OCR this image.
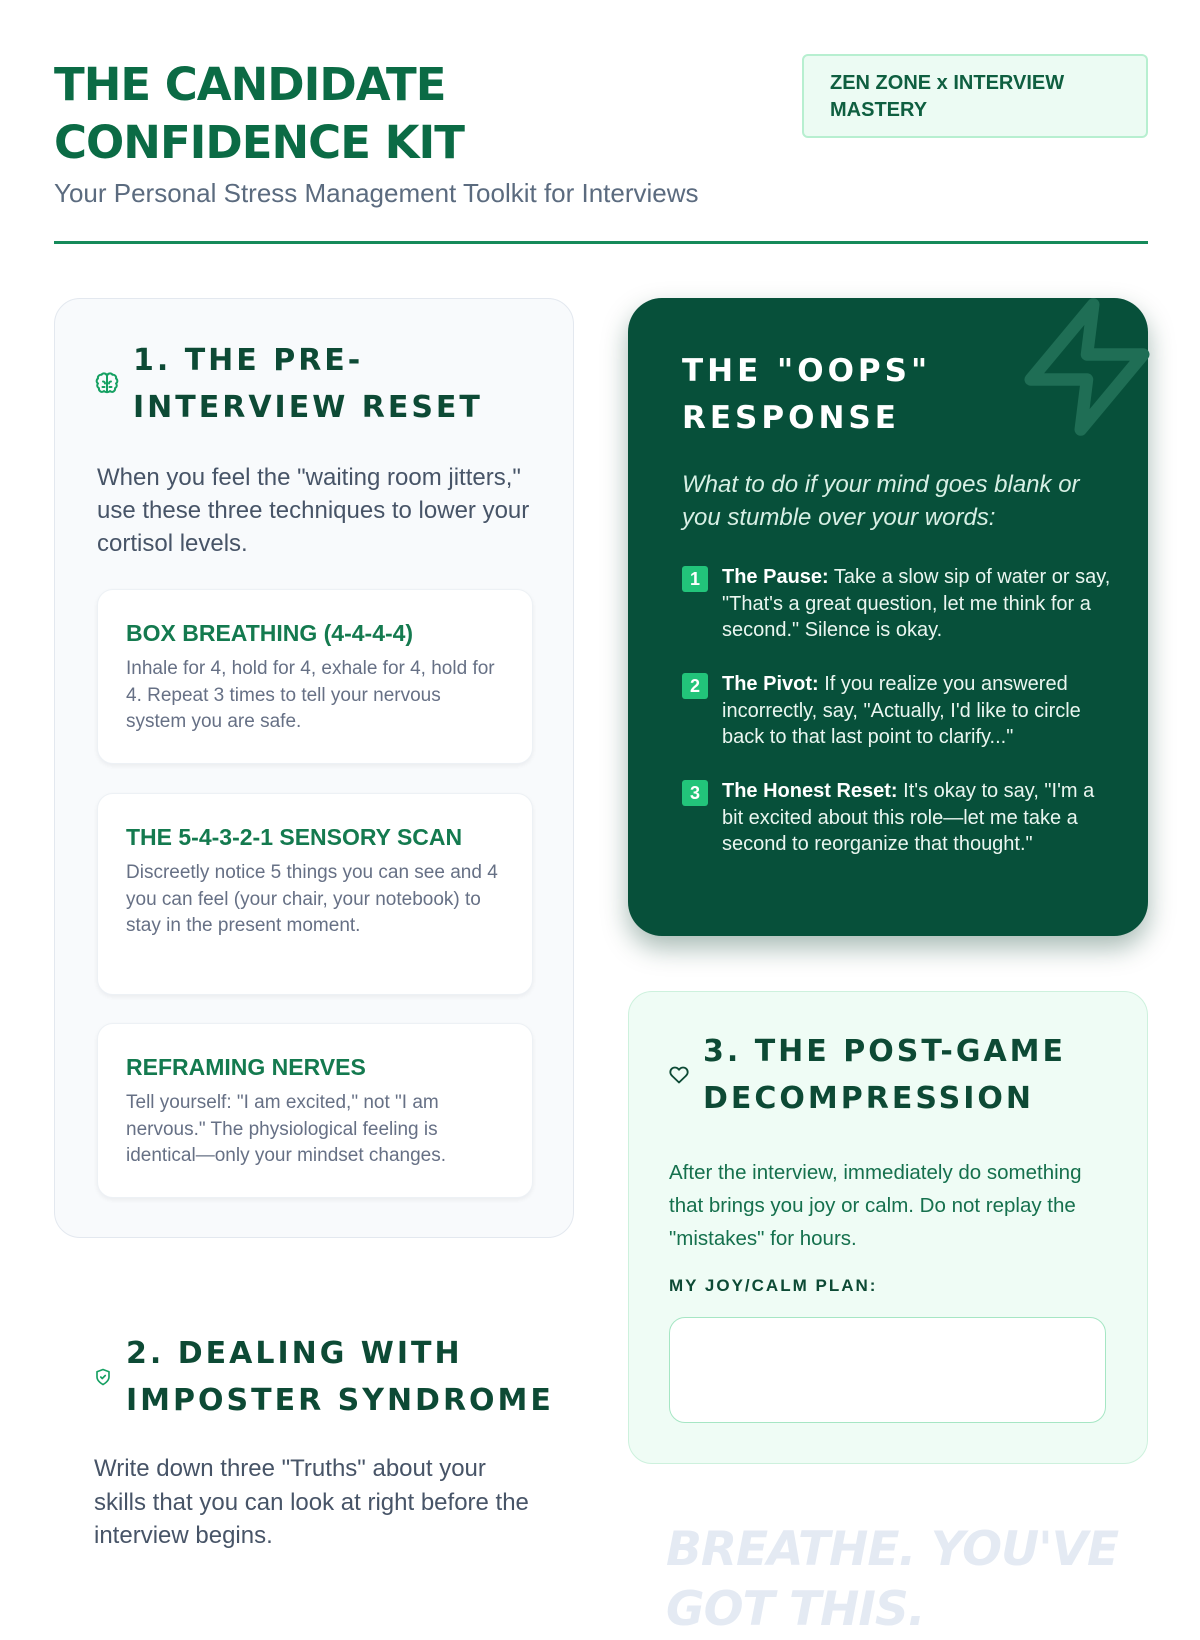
THE CANDIDATE
CONFIDENCE KIT
Your Personal Stress Management Toolkit for Interviews
ZEN ZONE x INTERVIEW
MASTERY
1. THE PRE-
INTERVIEW RESET
When you feel the "waiting room jitters," use these three techniques to lower your cortisol levels.
BOX BREATHING (4-4-4-4)
Inhale for 4, hold for 4, exhale for 4, hold for 4. Repeat 3 times to tell your nervous system you are safe.
THE 5-4-3-2-1 SENSORY SCAN
Discreetly notice 5 things you can see and 4 you can feel (your chair, your notebook) to stay in the present moment.
REFRAMING NERVES
Tell yourself: "I am excited," not "I am nervous." The physiological feeling is identical—only your mindset changes.
THE "OOPS"
RESPONSE
What to do if your mind goes blank or you stumble over your words:
1	The Pause: Take a slow sip of water or say, "That's a great question, let me think for a second." Silence is okay.
2	The Pivot: If you realize you answered incorrectly, say, "Actually, I'd like to circle back to that last point to clarify..."
3	The Honest Reset: It's okay to say, "I'm a bit excited about this role—let me take a second to reorganize that thought."
3. THE POST-GAME
DECOMPRESSION
After the interview, immediately do something that brings you joy or calm. Do not replay the "mistakes" for hours.
MY JOY/CALM PLAN:
2. DEALING WITH
IMPOSTER SYNDROME
Write down three "Truths" about your skills that you can look at right before the interview begins.	BREATHE. YOU'VE
GOT THIS.
